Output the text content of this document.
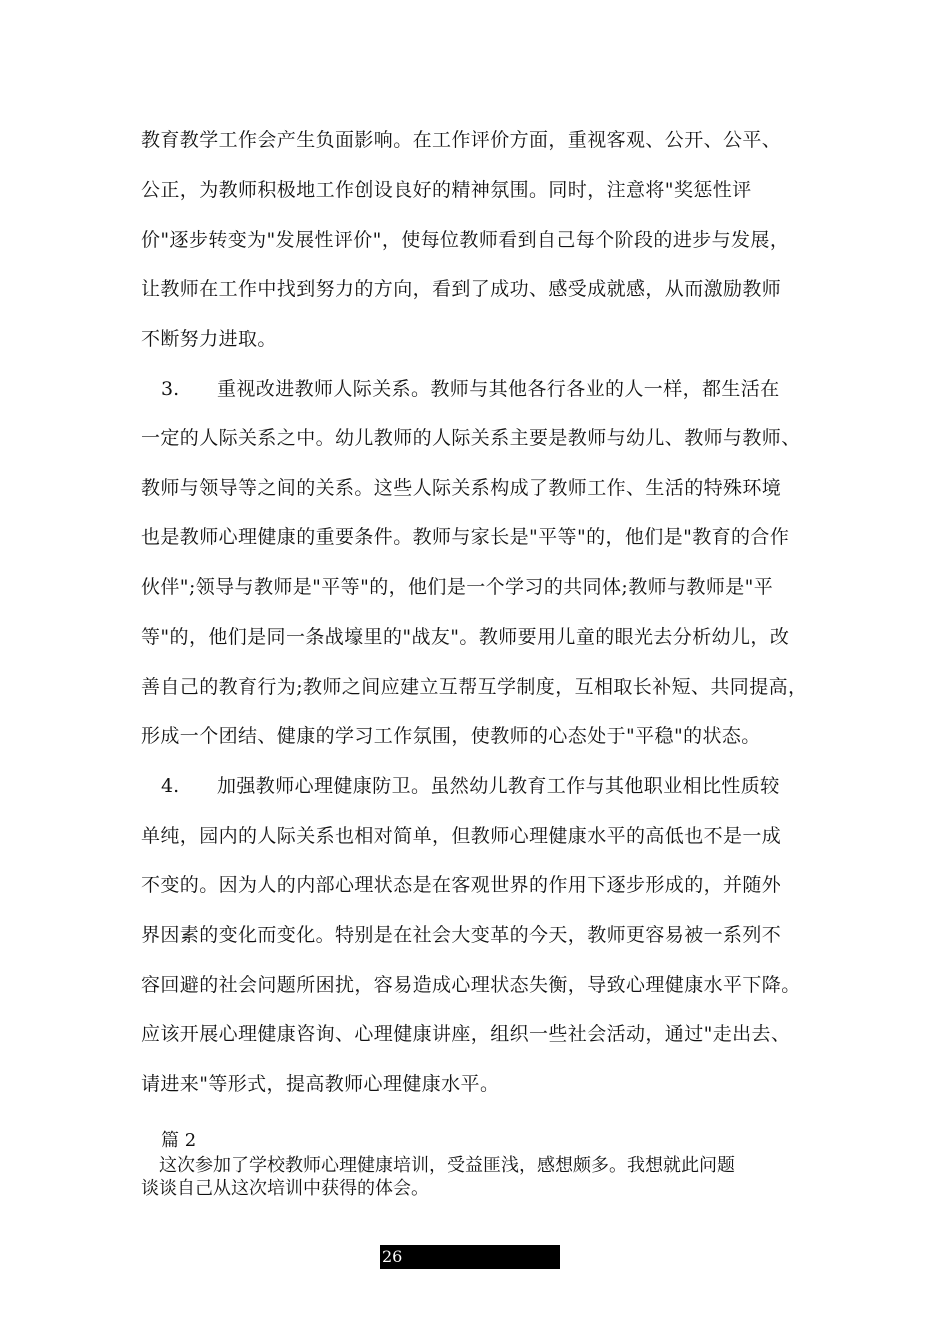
教育教学工作会产生负面影响。在工作评价方面，重视客观、公开、公平、
公正，为教师积极地工作创设良好的精神氛围。同时，注意将"奖惩性评
价"逐步转变为"发展性评价"，使每位教师看到自己每个阶段的进步与发展，
让教师在工作中找到努力的方向，看到了成功、感受成就感，从而激励教师
不断努力进取。
3. 重视改进教师人际关系。教师与其他各行各业的人一样，都生活在
一定的人际关系之中。幼儿教师的人际关系主要是教师与幼儿、教师与教师、
教师与领导等之间的关系。这些人际关系构成了教师工作、生活的特殊环境
也是教师心理健康的重要条件。教师与家长是"平等"的，他们是"教育的合作
伙伴";领导与教师是"平等"的，他们是一个学习的共同体;教师与教师是"平
等"的，他们是同一条战壕里的"战友"。教师要用儿童的眼光去分析幼儿，改
善自己的教育行为;教师之间应建立互帮互学制度，互相取长补短、共同提高，
形成一个团结、健康的学习工作氛围，使教师的心态处于"平稳"的状态。
4. 加强教师心理健康防卫。虽然幼儿教育工作与其他职业相比性质较
单纯，园内的人际关系也相对简单，但教师心理健康水平的高低也不是一成
不变的。因为人的内部心理状态是在客观世界的作用下逐步形成的，并随外
界因素的变化而变化。特别是在社会大变革的今天，教师更容易被一系列不
容回避的社会问题所困扰，容易造成心理状态失衡，导致心理健康水平下降。
应该开展心理健康咨询、心理健康讲座，组织一些社会活动，通过"走出去、
请进来"等形式，提高教师心理健康水平。
篇 2
　这次参加了学校教师心理健康培训，受益匪浅，感想颇多。我想就此问题
谈谈自己从这次培训中获得的体会。
26
